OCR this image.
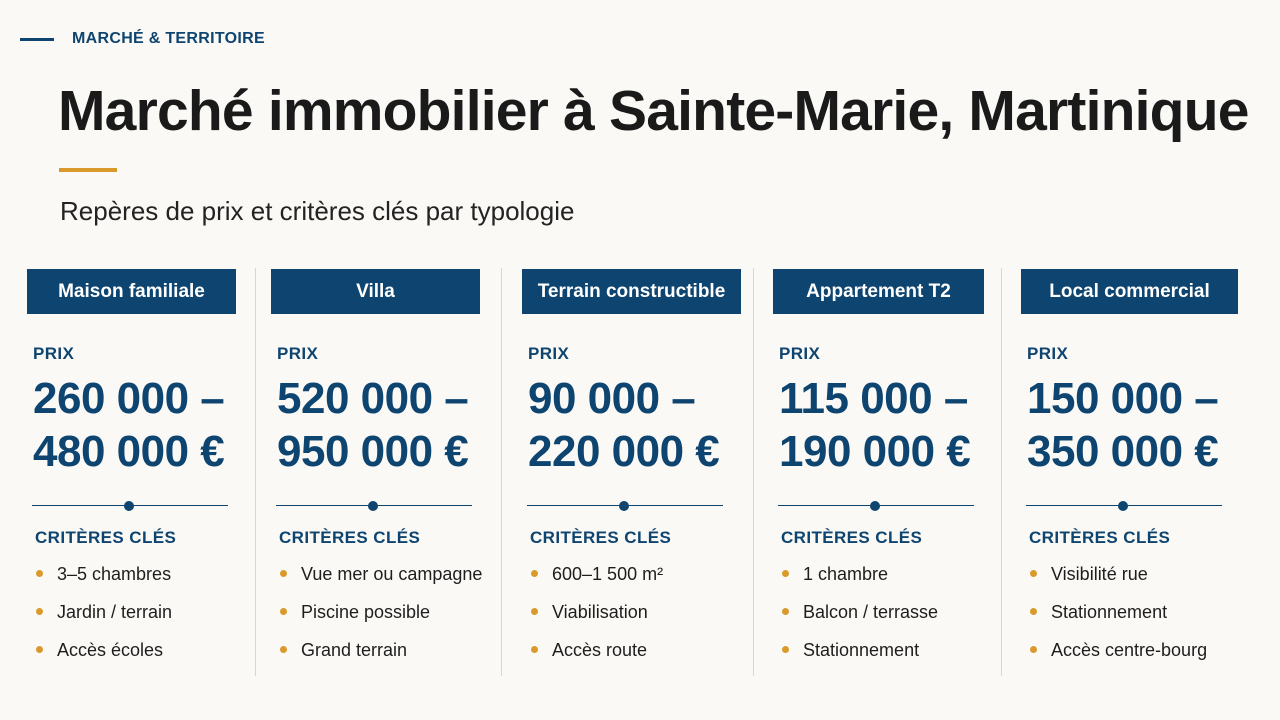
MARCHÉ & TERRITOIRE
Marché immobilier à Sainte-Marie, Martinique
Repères de prix et critères clés par typologie
Maison familiale
PRIX
260 000 –
480 000 €
CRITÈRES CLÉS
3–5 chambres
Jardin / terrain
Accès écoles
Villa
PRIX
520 000 –
950 000 €
CRITÈRES CLÉS
Vue mer ou campagne
Piscine possible
Grand terrain
Terrain constructible
PRIX
90 000 –
220 000 €
CRITÈRES CLÉS
600–1 500 m²
Viabilisation
Accès route
Appartement T2
PRIX
115 000 –
190 000 €
CRITÈRES CLÉS
1 chambre
Balcon / terrasse
Stationnement
Local commercial
PRIX
150 000 –
350 000 €
CRITÈRES CLÉS
Visibilité rue
Stationnement
Accès centre-bourg
